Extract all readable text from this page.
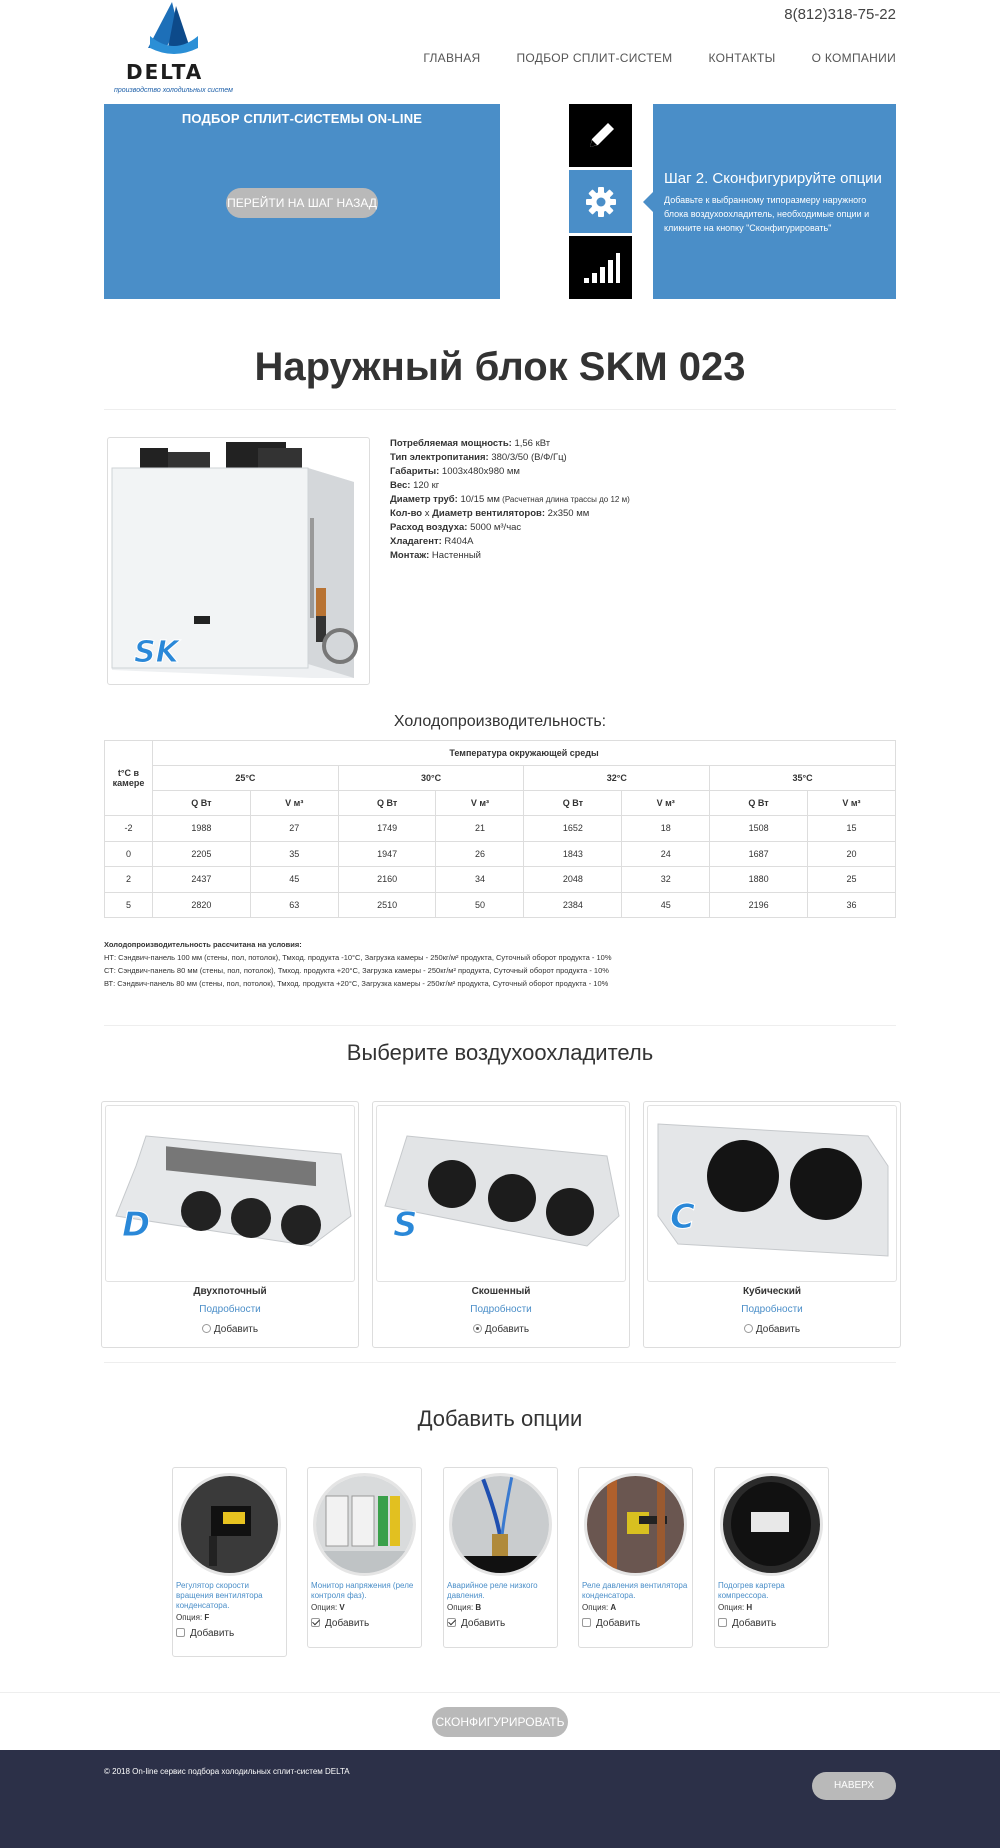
DELTA
производство холодильных систем
8(812)318-75-22
ГЛАВНАЯ	ПОДБОР СПЛИТ-СИСТЕМ	КОНТАКТЫ	О КОМПАНИИ
ПОДБОР СПЛИТ-СИСТЕМЫ ON-LINE
ПЕРЕЙТИ НА ШАГ НАЗАД
Шаг 2. Сконфигурируйте опции

Добавьте к выбранному типоразмеру наружного блока воздухоохладитель, необходимые опции и кликните на кнопку "Сконфигурировать"

Наружный блок SKM 023
SK
Потребляемая мощность: 1,56 кВт
Тип электропитания: 380/3/50 (В/Ф/Гц)
Габариты: 1003х480х980 мм
Вес: 120 кг
Диаметр труб: 10/15 мм (Расчетная длина трассы до 12 м)
Кол-во х Диаметр вентиляторов: 2х350 мм
Расход воздуха: 5000 м³/час
Хладагент: R404A
Монтаж: Настенный
Холодопроизводительность:
t°C в камере	Температура окружающей среды							
	25°C		30°C		32°C		35°C	
	Q Вт	V м³	Q Вт	V м³	Q Вт	V м³	Q Вт	V м³
-2	1988	27	1749	21	1652	18	1508	15
0	2205	35	1947	26	1843	24	1687	20
2	2437	45	2160	34	2048	32	1880	25
5	2820	63	2510	50	2384	45	2196	36
Холодопроизводительность рассчитана на условия:
НТ: Сэндвич-панель 100 мм (стены, пол, потолок), Тмход. продукта -10°С, Загрузка камеры - 250кг/м² продукта, Суточный оборот продукта - 10%
СТ: Сэндвич-панель 80 мм (стены, пол, потолок), Тмход. продукта +20°С, Загрузка камеры - 250кг/м² продукта, Суточный оборот продукта - 10%
ВТ: Сэндвич-панель 80 мм (стены, пол, потолок), Тмход. продукта +20°С, Загрузка камеры - 250кг/м² продукта, Суточный оборот продукта - 10%
Выберите воздухоохладитель
D
Двухпоточный
Подробности
Добавить
S
Скошенный
Подробности
Добавить
C
Кубический
Подробности
Добавить
Добавить опции
Регулятор скорости вращения вентилятора конденсатора.
Опция: F
Добавить
Монитор напряжения (реле контроля фаз).
Опция: V
Добавить
Аварийное реле низкого давления.
Опция: B
Добавить
Реле давления вентилятора конденсатора.
Опция: A
Добавить
Подогрев картера компрессора.
Опция: H
Добавить
СКОНФИГУРИРОВАТЬ
© 2018 On-line сервис подбора холодильных сплит-систем DELTA
НАВЕРХ
